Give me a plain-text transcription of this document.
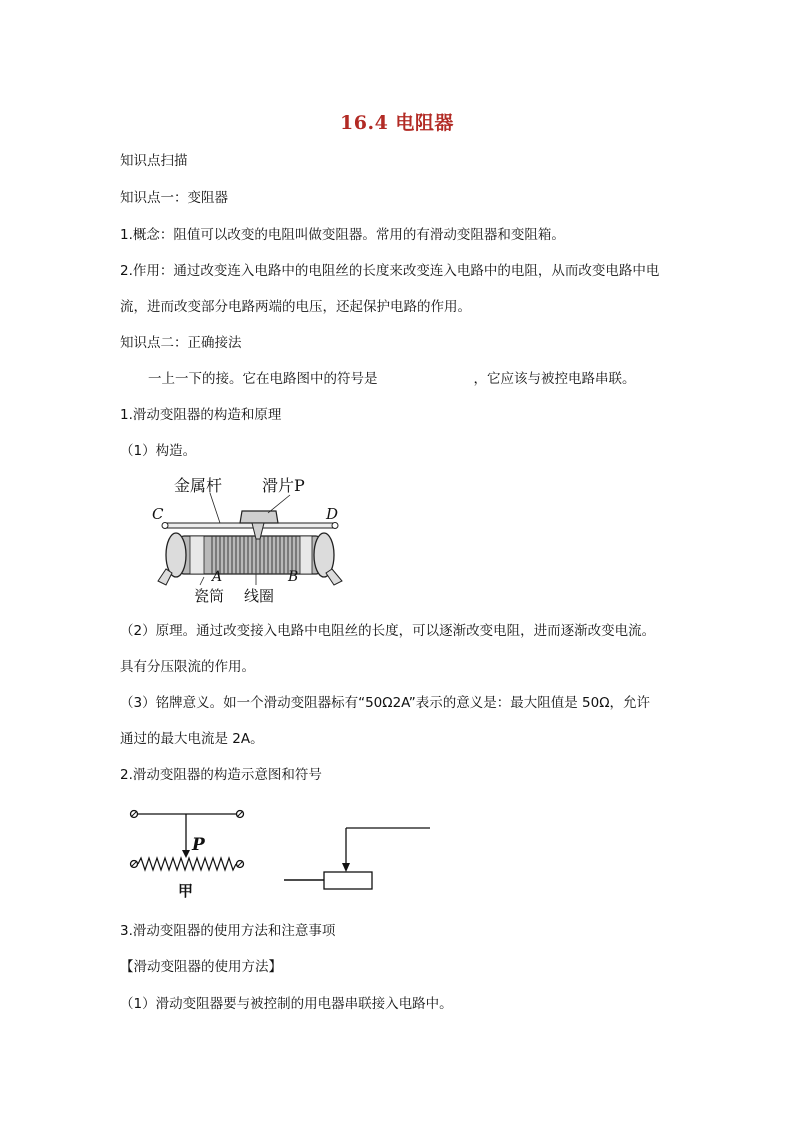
16.4 电阻器
知识点扫描
知识点一：变阻器
1.概念：阻值可以改变的电阻叫做变阻器。常用的有滑动变阻器和变阻箱。
2.作用：通过改变连入电路中的电阻丝的长度来改变连入电路中的电阻，从而改变电路中电
流，进而改变部分电路两端的电压，还起保护电路的作用。
知识点二：正确接法
一上一下的接。它在电路图中的符号是	，它应该与被控电路串联。
1.滑动变阻器的构造和原理
（1）构造。
金属杆 滑片P
C	D
A	B
瓷筒 线圈
（2）原理。通过改变接入电路中电阻丝的长度，可以逐渐改变电阻，进而逐渐改变电流。
具有分压限流的作用。
（3）铭牌意义。如一个滑动变阻器标有“50Ω2A”表示的意义是：最大阻值是 50Ω，允许
通过的最大电流是 2A。
2.滑动变阻器的构造示意图和符号
P
甲
3.滑动变阻器的使用方法和注意事项
【滑动变阻器的使用方法】
（1）滑动变阻器要与被控制的用电器串联接入电路中。
